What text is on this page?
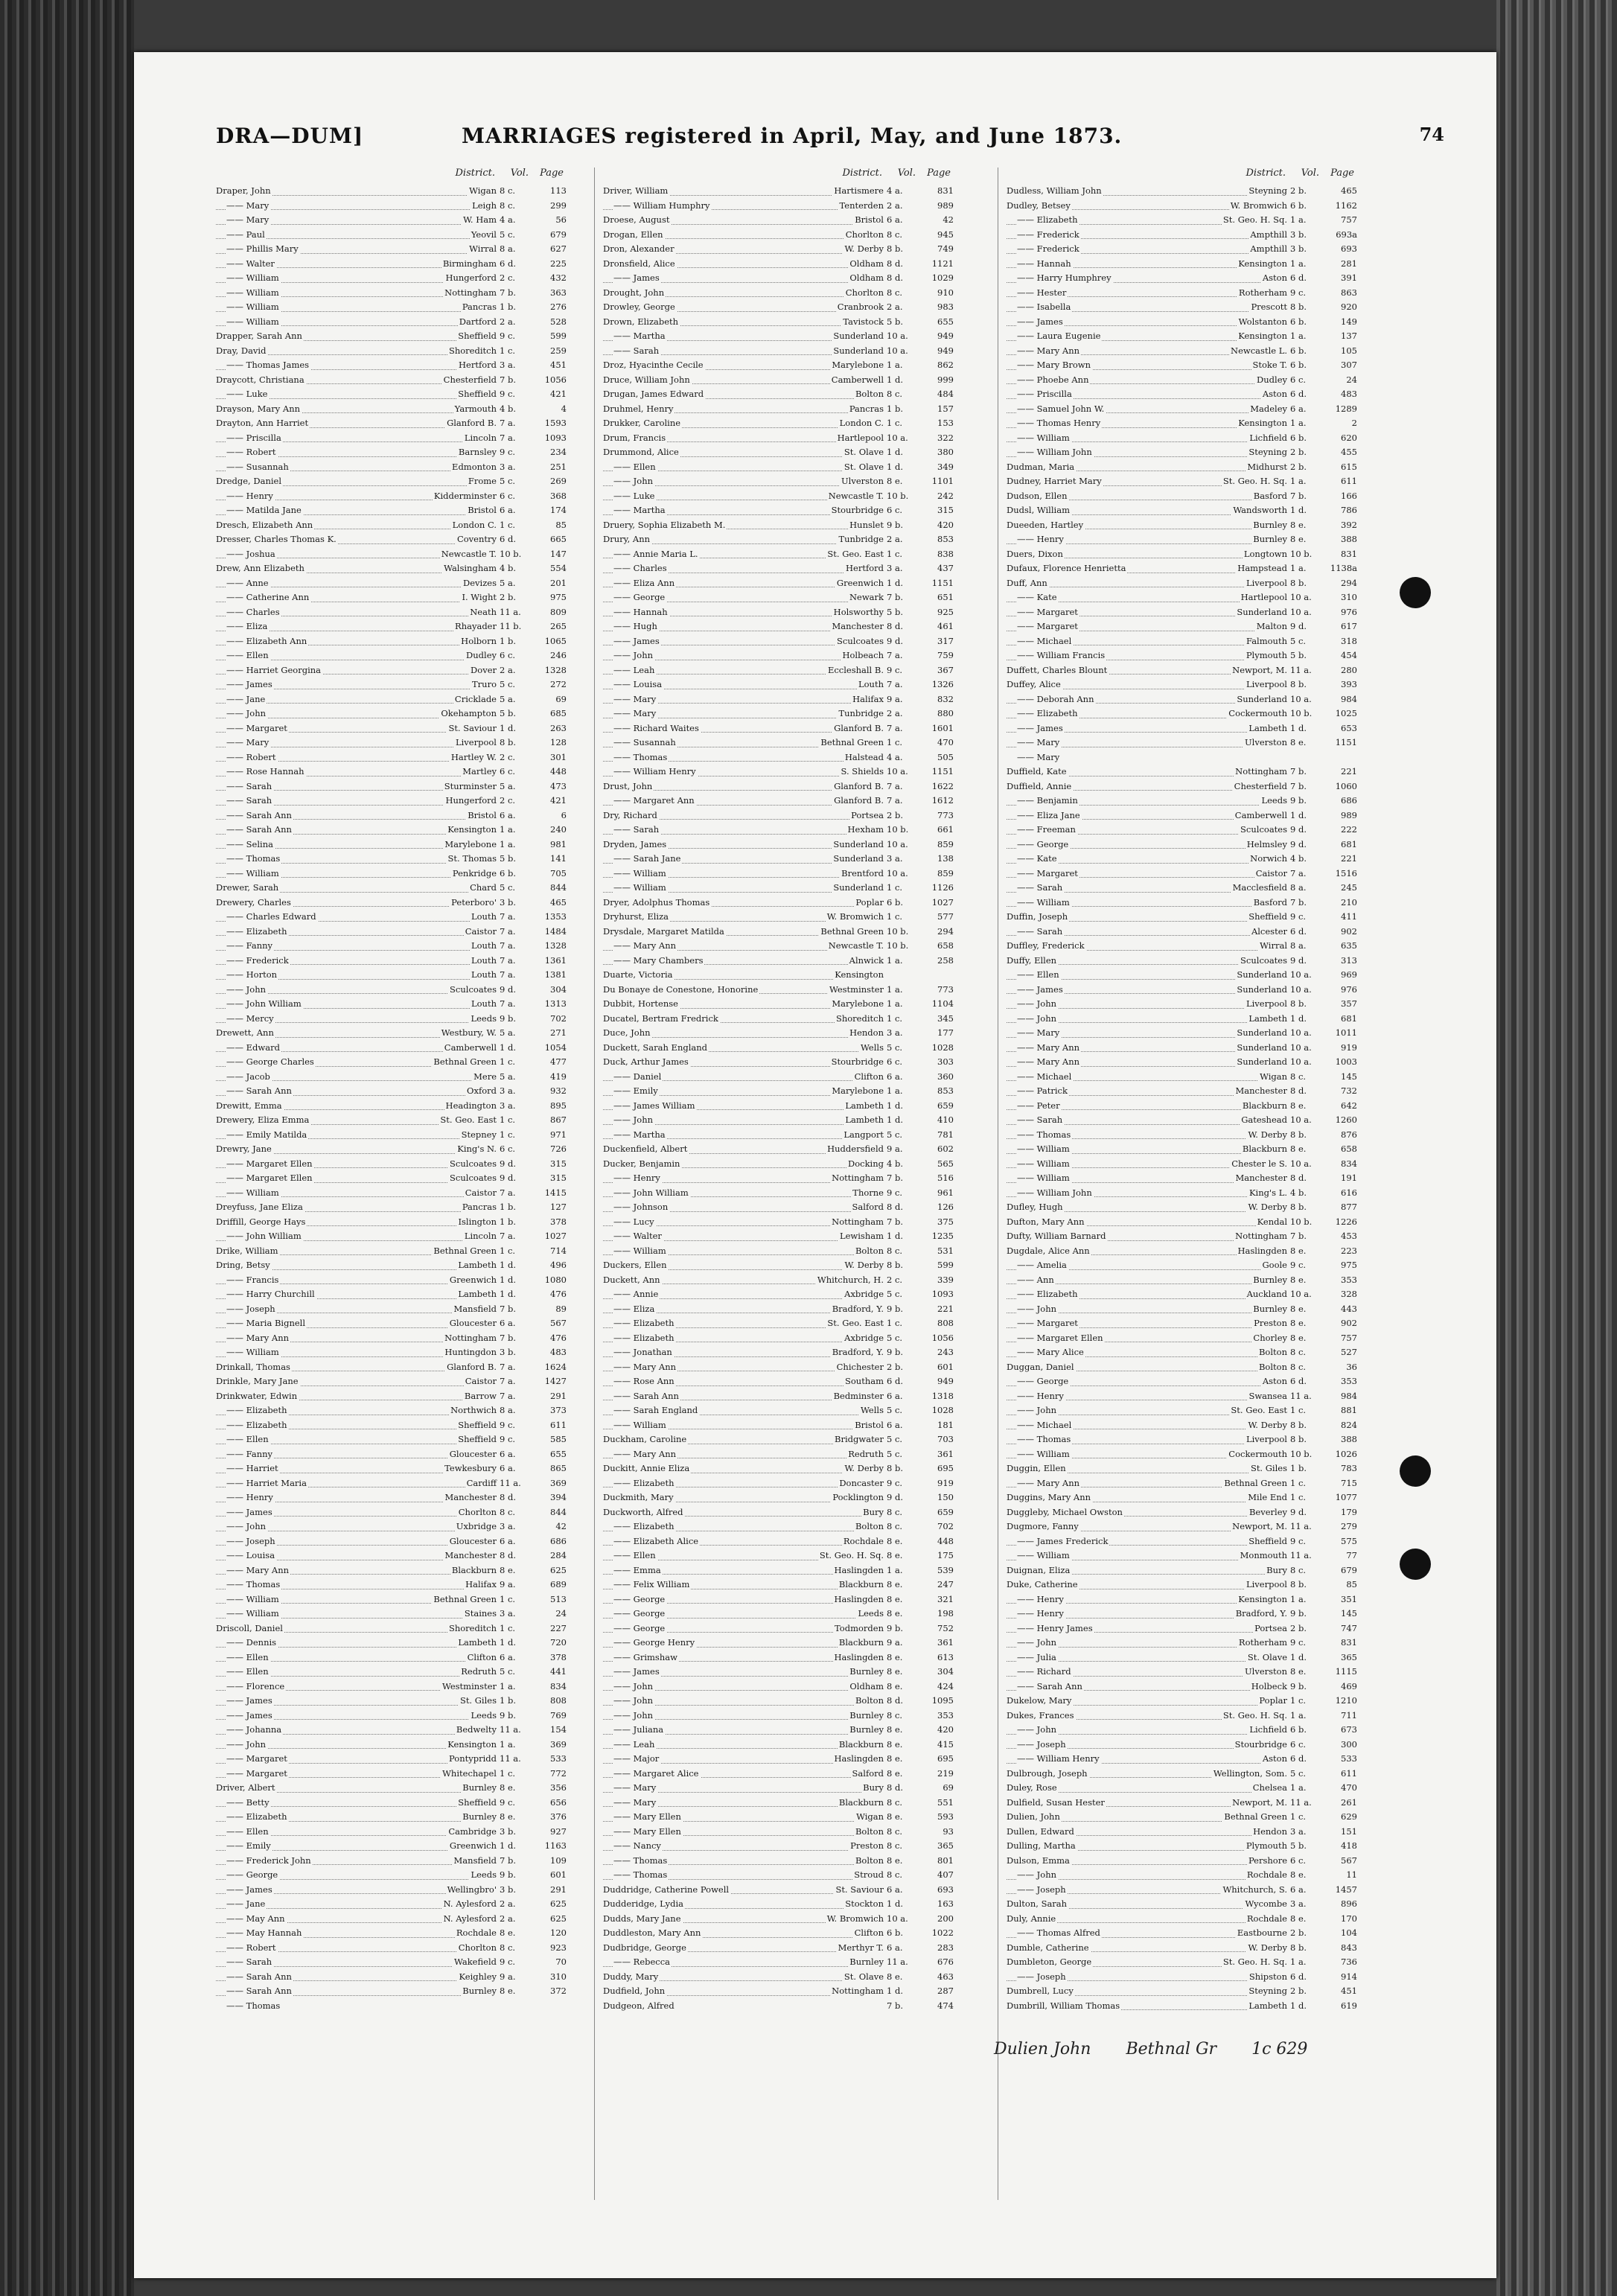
DRA—DUM]	MARRIAGES registered in April, May, and June 1873.	74
District. Vol. Page
Draper, John	Wigan 8 c.	113
—— Mary	Leigh 8 c.	299
—— Mary	W. Ham 4 a.	56
—— Paul	Yeovil 5 c.	679
—— Phillis Mary	Wirral 8 a.	627
—— Walter	Birmingham 6 d.	225
—— William	Hungerford 2 c.	432
—— William	Nottingham 7 b.	363
—— William	Pancras 1 b.	276
—— William	Dartford 2 a.	528
Drapper, Sarah Ann	Sheffield 9 c.	599
Dray, David	Shoreditch 1 c.	259
—— Thomas James	Hertford 3 a.	451
Draycott, Christiana	Chesterfield 7 b.	1056
—— Luke	Sheffield 9 c.	421
Drayson, Mary Ann	Yarmouth 4 b.	4
Drayton, Ann Harriet	Glanford B. 7 a.	1593
—— Priscilla	Lincoln 7 a.	1093
—— Robert	Barnsley 9 c.	234
—— Susannah	Edmonton 3 a.	251
Dredge, Daniel	Frome 5 c.	269
—— Henry	Kidderminster 6 c.	368
—— Matilda Jane	Bristol 6 a.	174
Dresch, Elizabeth Ann	London C. 1 c.	85
Dresser, Charles Thomas K.	Coventry 6 d.	665
—— Joshua	Newcastle T. 10 b.	147
Drew, Ann Elizabeth	Walsingham 4 b.	554
—— Anne	Devizes 5 a.	201
—— Catherine Ann	I. Wight 2 b.	975
—— Charles	Neath 11 a.	809
—— Eliza	Rhayader 11 b.	265
—— Elizabeth Ann	Holborn 1 b.	1065
—— Ellen	Dudley 6 c.	246
—— Harriet Georgina	Dover 2 a.	1328
—— James	Truro 5 c.	272
—— Jane	Cricklade 5 a.	69
—— John	Okehampton 5 b.	685
—— Margaret	St. Saviour 1 d.	263
—— Mary	Liverpool 8 b.	128
—— Robert	Hartley W. 2 c.	301
—— Rose Hannah	Martley 6 c.	448
—— Sarah	Sturminster 5 a.	473
—— Sarah	Hungerford 2 c.	421
—— Sarah Ann	Bristol 6 a.	6
—— Sarah Ann	Kensington 1 a.	240
—— Selina	Marylebone 1 a.	981
—— Thomas	St. Thomas 5 b.	141
—— William	Penkridge 6 b.	705
Drewer, Sarah	Chard 5 c.	844
Drewery, Charles	Peterboro' 3 b.	465
—— Charles Edward	Louth 7 a.	1353
—— Elizabeth	Caistor 7 a.	1484
—— Fanny	Louth 7 a.	1328
—— Frederick	Louth 7 a.	1361
—— Horton	Louth 7 a.	1381
—— John	Sculcoates 9 d.	304
—— John William	Louth 7 a.	1313
—— Mercy	Leeds 9 b.	702
Drewett, Ann	Westbury, W. 5 a.	271
—— Edward	Camberwell 1 d.	1054
—— George Charles	Bethnal Green 1 c.	477
—— Jacob	Mere 5 a.	419
—— Sarah Ann	Oxford 3 a.	932
Drewitt, Emma	Headington 3 a.	895
Drewery, Eliza Emma	St. Geo. East 1 c.	867
—— Emily Matilda	Stepney 1 c.	971
Drewry, Jane	King's N. 6 c.	726
—— Margaret Ellen	Sculcoates 9 d.	315
—— Margaret Ellen	Sculcoates 9 d.	315
—— William	Caistor 7 a.	1415
Dreyfuss, Jane Eliza	Pancras 1 b.	127
Driffill, George Hays	Islington 1 b.	378
—— John William	Lincoln 7 a.	1027
Drike, William	Bethnal Green 1 c.	714
Dring, Betsy	Lambeth 1 d.	496
—— Francis	Greenwich 1 d.	1080
—— Harry Churchill	Lambeth 1 d.	476
—— Joseph	Mansfield 7 b.	89
—— Maria Bignell	Gloucester 6 a.	567
—— Mary Ann	Nottingham 7 b.	476
—— William	Huntingdon 3 b.	483
Drinkall, Thomas	Glanford B. 7 a.	1624
Drinkle, Mary Jane	Caistor 7 a.	1427
Drinkwater, Edwin	Barrow 7 a.	291
—— Elizabeth	Northwich 8 a.	373
—— Elizabeth	Sheffield 9 c.	611
—— Ellen	Sheffield 9 c.	585
—— Fanny	Gloucester 6 a.	655
—— Harriet	Tewkesbury 6 a.	865
—— Harriet Maria	Cardiff 11 a.	369
—— Henry	Manchester 8 d.	394
—— James	Chorlton 8 c.	844
—— John	Uxbridge 3 a.	42
—— Joseph	Gloucester 6 a.	686
—— Louisa	Manchester 8 d.	284
—— Mary Ann	Blackburn 8 e.	625
—— Thomas	Halifax 9 a.	689
—— William	Bethnal Green 1 c.	513
—— William	Staines 3 a.	24
Driscoll, Daniel	Shoreditch 1 c.	227
—— Dennis	Lambeth 1 d.	720
—— Ellen	Clifton 6 a.	378
—— Ellen	Redruth 5 c.	441
—— Florence	Westminster 1 a.	834
—— James	St. Giles 1 b.	808
—— James	Leeds 9 b.	769
—— Johanna	Bedwelty 11 a.	154
—— John	Kensington 1 a.	369
—— Margaret	Pontypridd 11 a.	533
—— Margaret	Whitechapel 1 c.	772
Driver, Albert	Burnley 8 e.	356
—— Betty	Sheffield 9 c.	656
—— Elizabeth	Burnley 8 e.	376
—— Ellen	Cambridge 3 b.	927
—— Emily	Greenwich 1 d.	1163
—— Frederick John	Mansfield 7 b.	109
—— George	Leeds 9 b.	601
—— James	Wellingbro' 3 b.	291
—— Jane	N. Aylesford 2 a.	625
—— May Ann	N. Aylesford 2 a.	625
—— May Hannah	Rochdale 8 e.	120
—— Robert	Chorlton 8 c.	923
—— Sarah	Wakefield 9 c.	70
—— Sarah Ann	Keighley 9 a.	310
—— Sarah Ann	Burnley 8 e.	372
—— Thomas
District. Vol. Page
Driver, William	Hartismere 4 a.	831
—— William Humphry	Tenterden 2 a.	989
Droese, August	Bristol 6 a.	42
Drogan, Ellen	Chorlton 8 c.	945
Dron, Alexander	W. Derby 8 b.	749
Dronsfield, Alice	Oldham 8 d.	1121
—— James	Oldham 8 d.	1029
Drought, John	Chorlton 8 c.	910
Drowley, George	Cranbrook 2 a.	983
Drown, Elizabeth	Tavistock 5 b.	655
—— Martha	Sunderland 10 a.	949
—— Sarah	Sunderland 10 a.	949
Droz, Hyacinthe Cecile	Marylebone 1 a.	862
Druce, William John	Camberwell 1 d.	999
Drugan, James Edward	Bolton 8 c.	484
Druhmel, Henry	Pancras 1 b.	157
Drukker, Caroline	London C. 1 c.	153
Drum, Francis	Hartlepool 10 a.	322
Drummond, Alice	St. Olave 1 d.	380
—— Ellen	St. Olave 1 d.	349
—— John	Ulverston 8 e.	1101
—— Luke	Newcastle T. 10 b.	242
—— Martha	Stourbridge 6 c.	315
Druery, Sophia Elizabeth M.	Hunslet 9 b.	420
Drury, Ann	Tunbridge 2 a.	853
—— Annie Maria L.	St. Geo. East 1 c.	838
—— Charles	Hertford 3 a.	437
—— Eliza Ann	Greenwich 1 d.	1151
—— George	Newark 7 b.	651
—— Hannah	Holsworthy 5 b.	925
—— Hugh	Manchester 8 d.	461
—— James	Sculcoates 9 d.	317
—— John	Holbeach 7 a.	759
—— Leah	Eccleshall B. 9 c.	367
—— Louisa	Louth 7 a.	1326
—— Mary	Halifax 9 a.	832
—— Mary	Tunbridge 2 a.	880
—— Richard Waites	Glanford B. 7 a.	1601
—— Susannah	Bethnal Green 1 c.	470
—— Thomas	Halstead 4 a.	505
—— William Henry	S. Shields 10 a.	1151
Drust, John	Glanford B. 7 a.	1622
—— Margaret Ann	Glanford B. 7 a.	1612
Dry, Richard	Portsea 2 b.	773
—— Sarah	Hexham 10 b.	661
Dryden, James	Sunderland 10 a.	859
—— Sarah Jane	Sunderland 3 a.	138
—— William	Brentford 10 a.	859
—— William	Sunderland 1 c.	1126
Dryer, Adolphus Thomas	Poplar 6 b.	1027
Dryhurst, Eliza	W. Bromwich 1 c.	577
Drysdale, Margaret Matilda	Bethnal Green 10 b.	294
—— Mary Ann	Newcastle T. 10 b.	658
—— Mary Chambers	Alnwick 1 a.	258
Duarte, Victoria	Kensington
Du Bonaye de Conestone, Honorine	Westminster 1 a.	773
Dubbit, Hortense	Marylebone 1 a.	1104
Ducatel, Bertram Fredrick	Shoreditch 1 c.	345
Duce, John	Hendon 3 a.	177
Duckett, Sarah England	Wells 5 c.	1028
Duck, Arthur James	Stourbridge 6 c.	303
—— Daniel	Clifton 6 a.	360
—— Emily	Marylebone 1 a.	853
—— James William	Lambeth 1 d.	659
—— John	Lambeth 1 d.	410
—— Martha	Langport 5 c.	781
Duckenfield, Albert	Huddersfield 9 a.	602
Ducker, Benjamin	Docking 4 b.	565
—— Henry	Nottingham 7 b.	516
—— John William	Thorne 9 c.	961
—— Johnson	Salford 8 d.	126
—— Lucy	Nottingham 7 b.	375
—— Walter	Lewisham 1 d.	1235
—— William	Bolton 8 c.	531
Duckers, Ellen	W. Derby 8 b.	599
Duckett, Ann	Whitchurch, H. 2 c.	339
—— Annie	Axbridge 5 c.	1093
—— Eliza	Bradford, Y. 9 b.	221
—— Elizabeth	St. Geo. East 1 c.	808
—— Elizabeth	Axbridge 5 c.	1056
—— Jonathan	Bradford, Y. 9 b.	243
—— Mary Ann	Chichester 2 b.	601
—— Rose Ann	Southam 6 d.	949
—— Sarah Ann	Bedminster 6 a.	1318
—— Sarah England	Wells 5 c.	1028
—— William	Bristol 6 a.	181
Duckham, Caroline	Bridgwater 5 c.	703
—— Mary Ann	Redruth 5 c.	361
Duckitt, Annie Eliza	W. Derby 8 b.	695
—— Elizabeth	Doncaster 9 c.	919
Duckmith, Mary	Pocklington 9 d.	150
Duckworth, Alfred	Bury 8 c.	659
—— Elizabeth	Bolton 8 c.	702
—— Elizabeth Alice	Rochdale 8 e.	448
—— Ellen	St. Geo. H. Sq. 8 e.	175
—— Emma	Haslingden 1 a.	539
—— Felix William	Blackburn 8 e.	247
—— George	Haslingden 8 e.	321
—— George	Leeds 8 e.	198
—— George	Todmorden 9 b.	752
—— George Henry	Blackburn 9 a.	361
—— Grimshaw	Haslingden 8 e.	613
—— James	Burnley 8 e.	304
—— John	Oldham 8 e.	424
—— John	Bolton 8 d.	1095
—— John	Burnley 8 c.	353
—— Juliana	Burnley 8 e.	420
—— Leah	Blackburn 8 e.	415
—— Major	Haslingden 8 e.	695
—— Margaret Alice	Salford 8 e.	219
—— Mary	Bury 8 d.	69
—— Mary	Blackburn 8 c.	551
—— Mary Ellen	Wigan 8 e.	593
—— Mary Ellen	Bolton 8 c.	93
—— Nancy	Preston 8 c.	365
—— Thomas	Bolton 8 e.	801
—— Thomas	Stroud 8 c.	407
Duddridge, Catherine Powell	St. Saviour 6 a.	693
Dudderidge, Lydia	Stockton 1 d.	163
Dudds, Mary Jane	W. Bromwich 10 a.	200
Duddleston, Mary Ann	Clifton 6 b.	1022
Dudbridge, George	Merthyr T. 6 a.	283
—— Rebecca	Burnley 11 a.	676
Duddy, Mary	St. Olave 8 e.	463
Dudfield, John	Nottingham 1 d.	287
Dudgeon, Alfred	7 b.	474
District. Vol. Page
Dudless, William John	Steyning 2 b.	465
Dudley, Betsey	W. Bromwich 6 b.	1162
—— Elizabeth	St. Geo. H. Sq. 1 a.	757
—— Frederick	Ampthill 3 b.	693a
—— Frederick	Ampthill 3 b.	693
—— Hannah	Kensington 1 a.	281
—— Harry Humphrey	Aston 6 d.	391
—— Hester	Rotherham 9 c.	863
—— Isabella	Prescott 8 b.	920
—— James	Wolstanton 6 b.	149
—— Laura Eugenie	Kensington 1 a.	137
—— Mary Ann	Newcastle L. 6 b.	105
—— Mary Brown	Stoke T. 6 b.	307
—— Phoebe Ann	Dudley 6 c.	24
—— Priscilla	Aston 6 d.	483
—— Samuel John W.	Madeley 6 a.	1289
—— Thomas Henry	Kensington 1 a.	2
—— William	Lichfield 6 b.	620
—— William John	Steyning 2 b.	455
Dudman, Maria	Midhurst 2 b.	615
Dudney, Harriet Mary	St. Geo. H. Sq. 1 a.	611
Dudson, Ellen	Basford 7 b.	166
Dudsl, William	Wandsworth 1 d.	786
Dueeden, Hartley	Burnley 8 e.	392
—— Henry	Burnley 8 e.	388
Duers, Dixon	Longtown 10 b.	831
Dufaux, Florence Henrietta	Hampstead 1 a.	1138a
Duff, Ann	Liverpool 8 b.	294
—— Kate	Hartlepool 10 a.	310
—— Margaret	Sunderland 10 a.	976
—— Margaret	Malton 9 d.	617
—— Michael	Falmouth 5 c.	318
—— William Francis	Plymouth 5 b.	454
Duffett, Charles Blount	Newport, M. 11 a.	280
Duffey, Alice	Liverpool 8 b.	393
—— Deborah Ann	Sunderland 10 a.	984
—— Elizabeth	Cockermouth 10 b.	1025
—— James	Lambeth 1 d.	653
—— Mary	Ulverston 8 e.	1151
—— Mary
Duffield, Kate	Nottingham 7 b.	221
Duffield, Annie	Chesterfield 7 b.	1060
—— Benjamin	Leeds 9 b.	686
—— Eliza Jane	Camberwell 1 d.	989
—— Freeman	Sculcoates 9 d.	222
—— George	Helmsley 9 d.	681
—— Kate	Norwich 4 b.	221
—— Margaret	Caistor 7 a.	1516
—— Sarah	Macclesfield 8 a.	245
—— William	Basford 7 b.	210
Duffin, Joseph	Sheffield 9 c.	411
—— Sarah	Alcester 6 d.	902
Duffley, Frederick	Wirral 8 a.	635
Duffy, Ellen	Sculcoates 9 d.	313
—— Ellen	Sunderland 10 a.	969
—— James	Sunderland 10 a.	976
—— John	Liverpool 8 b.	357
—— John	Lambeth 1 d.	681
—— Mary	Sunderland 10 a.	1011
—— Mary Ann	Sunderland 10 a.	919
—— Mary Ann	Sunderland 10 a.	1003
—— Michael	Wigan 8 c.	145
—— Patrick	Manchester 8 d.	732
—— Peter	Blackburn 8 e.	642
—— Sarah	Gateshead 10 a.	1260
—— Thomas	W. Derby 8 b.	876
—— William	Blackburn 8 e.	658
—— William	Chester le S. 10 a.	834
—— William	Manchester 8 d.	191
—— William John	King's L. 4 b.	616
Dufley, Hugh	W. Derby 8 b.	877
Dufton, Mary Ann	Kendal 10 b.	1226
Dufty, William Barnard	Nottingham 7 b.	453
Dugdale, Alice Ann	Haslingden 8 e.	223
—— Amelia	Goole 9 c.	975
—— Ann	Burnley 8 e.	353
—— Elizabeth	Auckland 10 a.	328
—— John	Burnley 8 e.	443
—— Margaret	Preston 8 e.	902
—— Margaret Ellen	Chorley 8 e.	757
—— Mary Alice	Bolton 8 c.	527
Duggan, Daniel	Bolton 8 c.	36
—— George	Aston 6 d.	353
—— Henry	Swansea 11 a.	984
—— John	St. Geo. East 1 c.	881
—— Michael	W. Derby 8 b.	824
—— Thomas	Liverpool 8 b.	388
—— William	Cockermouth 10 b.	1026
Duggin, Ellen	St. Giles 1 b.	783
—— Mary Ann	Bethnal Green 1 c.	715
Duggins, Mary Ann	Mile End 1 c.	1077
Duggleby, Michael Owston	Beverley 9 d.	179
Dugmore, Fanny	Newport, M. 11 a.	279
—— James Frederick	Sheffield 9 c.	575
—— William	Monmouth 11 a.	77
Duignan, Eliza	Bury 8 c.	679
Duke, Catherine	Liverpool 8 b.	85
—— Henry	Kensington 1 a.	351
—— Henry	Bradford, Y. 9 b.	145
—— Henry James	Portsea 2 b.	747
—— John	Rotherham 9 c.	831
—— Julia	St. Olave 1 d.	365
—— Richard	Ulverston 8 e.	1115
—— Sarah Ann	Holbeck 9 b.	469
Dukelow, Mary	Poplar 1 c.	1210
Dukes, Frances	St. Geo. H. Sq. 1 a.	711
—— John	Lichfield 6 b.	673
—— Joseph	Stourbridge 6 c.	300
—— William Henry	Aston 6 d.	533
Dulbrough, Joseph	Wellington, Som. 5 c.	611
Duley, Rose	Chelsea 1 a.	470
Dulfield, Susan Hester	Newport, M. 11 a.	261
Dulien, John	Bethnal Green 1 c.	629
Dullen, Edward	Hendon 3 a.	151
Dulling, Martha	Plymouth 5 b.	418
Dulson, Emma	Pershore 6 c.	567
—— John	Rochdale 8 e.	11
—— Joseph	Whitchurch, S. 6 a.	1457
Dulton, Sarah	Wycombe 3 a.	896
Duly, Annie	Rochdale 8 e.	170
—— Thomas Alfred	Eastbourne 2 b.	104
Dumble, Catherine	W. Derby 8 b.	843
Dumbleton, George	St. Geo. H. Sq. 1 a.	736
—— Joseph	Shipston 6 d.	914
Dumbrell, Lucy	Steyning 2 b.	451
Dumbrill, William Thomas	Lambeth 1 d.	619
Dulien John Bethnal Gr 1c 629
